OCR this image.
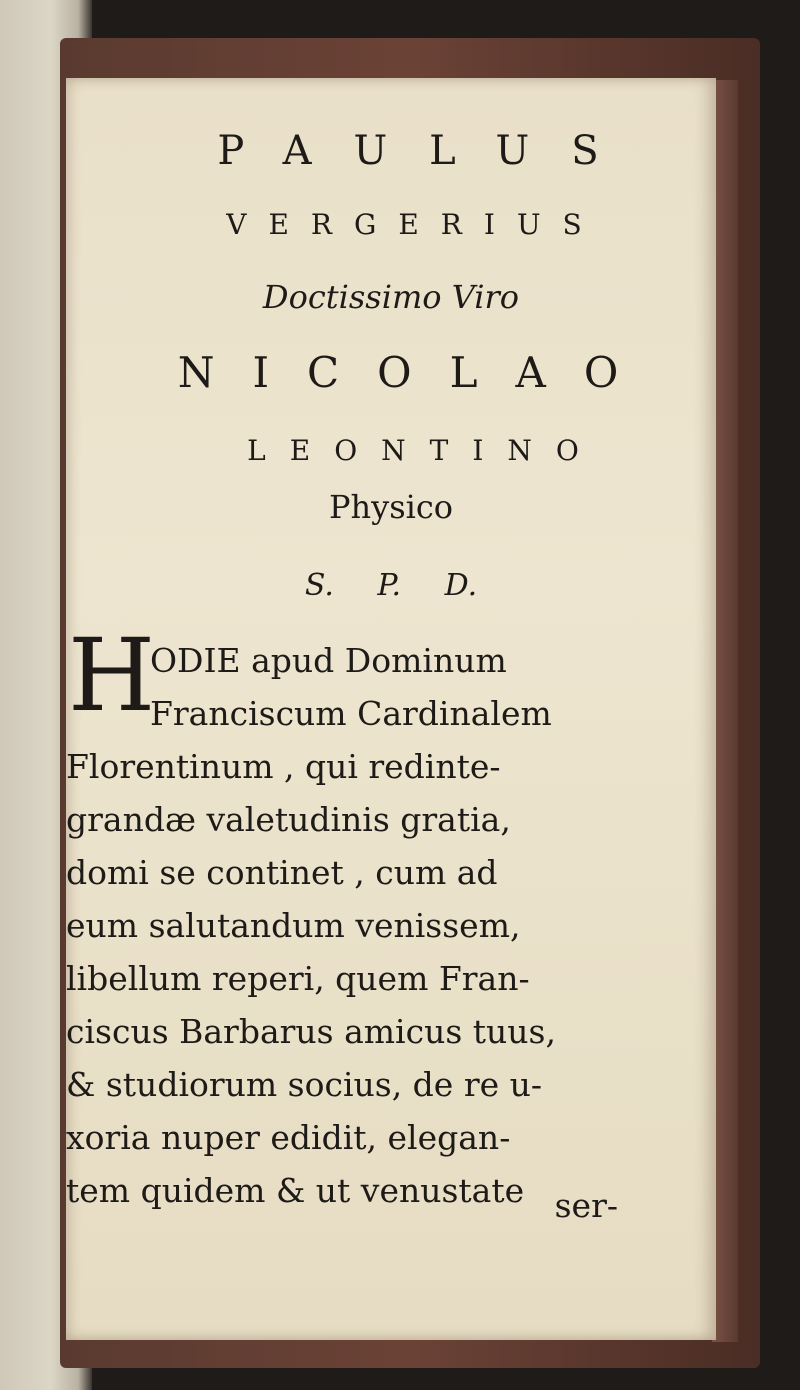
PAULUS
VERGERIUS
Doctissimo Viro
NICOLAO
LEONTINO
Physico
S. P. D.
H
ODIE apud Dominum
Franciscum Cardinalem
Florentinum , qui redinte-
grandæ valetudinis gratia,
domi se continet , cum ad
eum salutandum venissem,
libellum reperi, quem Fran-
ciscus Barbarus amicus tuus,
& studiorum socius, de re u-
xoria nuper edidit, elegan-
tem quidem & ut venustate ser-
